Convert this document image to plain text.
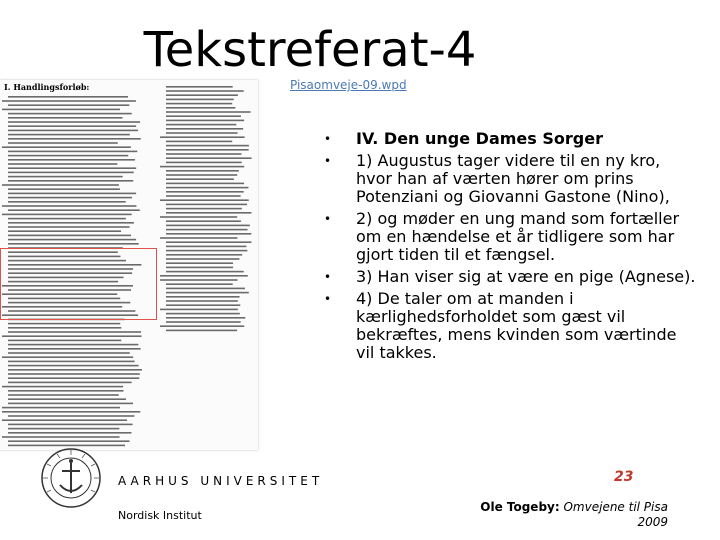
Tekstreferat-4
Pisaomveje-09.wpd
I. Handlingsforløb:
• IV. Den unge Dames Sorger
• 1) Augustus tager videre til en ny kro, hvor han af værten hører om prins Potenziani og Giovanni Gastone (Nino),
• 2) og møder en ung mand som fortæller om en hændelse et år tidligere som har gjort tiden til et fængsel.
• 3) Han viser sig at være en pige (Agnese).
• 4) De taler om at manden i kærlighedsforholdet som gæst vil bekræftes, mens kvinden som værtinde vil takkes.
AARHUS UNIVERSITET
Nordisk Institut
23
Ole Togeby: Omvejene til Pisa
2009
